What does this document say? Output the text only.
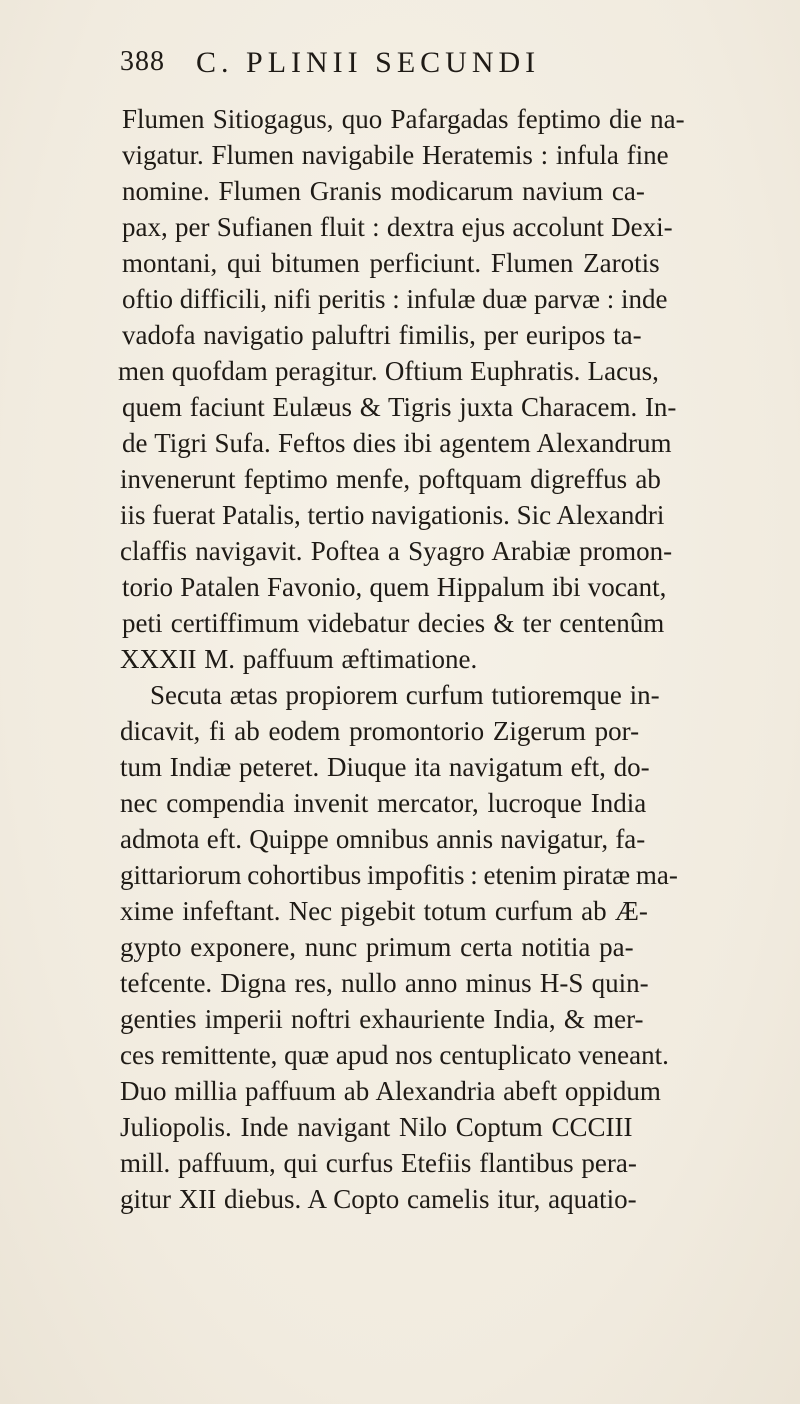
388 C. PLINII SECUNDI
Flumen Sitiogagus, quo Pafargadas feptimo die na-
vigatur. Flumen navigabile Heratemis : infula fine
nomine. Flumen Granis modicarum navium ca-
pax, per Sufianen fluit : dextra ejus accolunt Dexi-
montani, qui bitumen perficiunt. Flumen Zarotis
oftio difficili, nifi peritis : infulæ duæ parvæ : inde
vadofa navigatio paluftri fimilis, per euripos ta-
men quofdam peragitur. Oftium Euphratis. Lacus,
quem faciunt Eulæus & Tigris juxta Characem. In-
de Tigri Sufa. Feftos dies ibi agentem Alexandrum
invenerunt feptimo menfe, poftquam digreffus ab
iis fuerat Patalis, tertio navigationis. Sic Alexandri
claffis navigavit. Poftea a Syagro Arabiæ promon-
torio Patalen Favonio, quem Hippalum ibi vocant,
peti certiffimum videbatur decies & ter centenûm
XXXII M. paffuum æftimatione.
Secuta ætas propiorem curfum tutioremque in-
dicavit, fi ab eodem promontorio Zigerum por-
tum Indiæ peteret. Diuque ita navigatum eft, do-
nec compendia invenit mercator, lucroque India
admota eft. Quippe omnibus annis navigatur, fa-
gittariorum cohortibus impofitis : etenim piratæ ma-
xime infeftant. Nec pigebit totum curfum ab Æ-
gypto exponere, nunc primum certa notitia pa-
tefcente. Digna res, nullo anno minus H-S quin-
genties imperii noftri exhauriente India, & mer-
ces remittente, quæ apud nos centuplicato veneant.
Duo millia paffuum ab Alexandria abeft oppidum
Juliopolis. Inde navigant Nilo Coptum CCCIII
mill. paffuum, qui curfus Etefiis flantibus pera-
gitur XII diebus. A Copto camelis itur, aquatio-
